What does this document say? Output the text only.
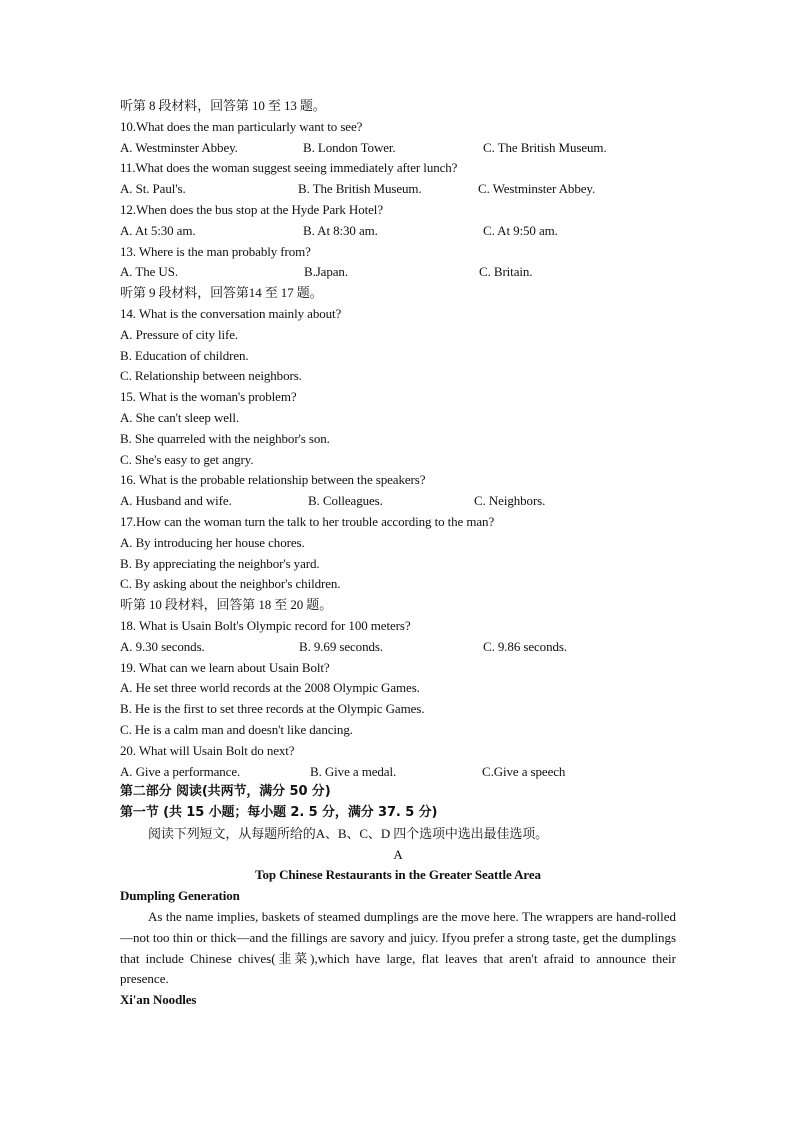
听第 8 段材料，回答第 10 至 13 题。
10.What does the man particularly want to see?
A. Westminster Abbey.	B. London Tower.	C. The British Museum.
11.What does the woman suggest seeing immediately after lunch?
A. St. Paul's.	B. The British Museum.	C. Westminster Abbey.
12.When does the bus stop at the Hyde Park Hotel?
A. At 5:30 am.	B. At 8:30 am.	C. At 9:50 am.
13. Where is the man probably from?
A. The US.	B.Japan.	C. Britain.
听第 9 段材料，回答第14 至 17 题。
14. What is the conversation mainly about?
A. Pressure of city life.
B. Education of children.
C. Relationship between neighbors.
15. What is the woman's problem?
A. She can't sleep well.
B. She quarreled with the neighbor's son.
C. She's easy to get angry.
16. What is the probable relationship between the speakers?
A. Husband and wife.	B. Colleagues.	C. Neighbors.
17.How can the woman turn the talk to her trouble according to the man?
A. By introducing her house chores.
B. By appreciating the neighbor's yard.
C. By asking about the neighbor's children.
听第 10 段材料，回答第 18 至 20 题。
18. What is Usain Bolt's Olympic record for 100 meters?
A. 9.30 seconds.	B. 9.69 seconds.	C. 9.86 seconds.
19. What can we learn about Usain Bolt?
A. He set three world records at the 2008 Olympic Games.
B. He is the first to set three records at the Olympic Games.
C. He is a calm man and doesn't like dancing.
20. What will Usain Bolt do next?
A. Give a performance.	B. Give a medal.	C.Give a speech
第二部分 阅读(共两节，满分 50 分)
第一节 (共 15 小题；每小题 2. 5 分，满分 37. 5 分)
阅读下列短文，从每题所给的A、B、C、D 四个选项中选出最佳选项。
A
Top Chinese Restaurants in the Greater Seattle Area
Dumpling Generation
As the name implies, baskets of steamed dumplings are the move here. The wrappers are hand-rolled —not too thin or thick—and the fillings are savory and juicy. Ifyou prefer a strong taste, get the dumplings that include Chinese chives(韭菜),which have large, flat leaves that aren't afraid to announce their presence.
Xi'an Noodles
